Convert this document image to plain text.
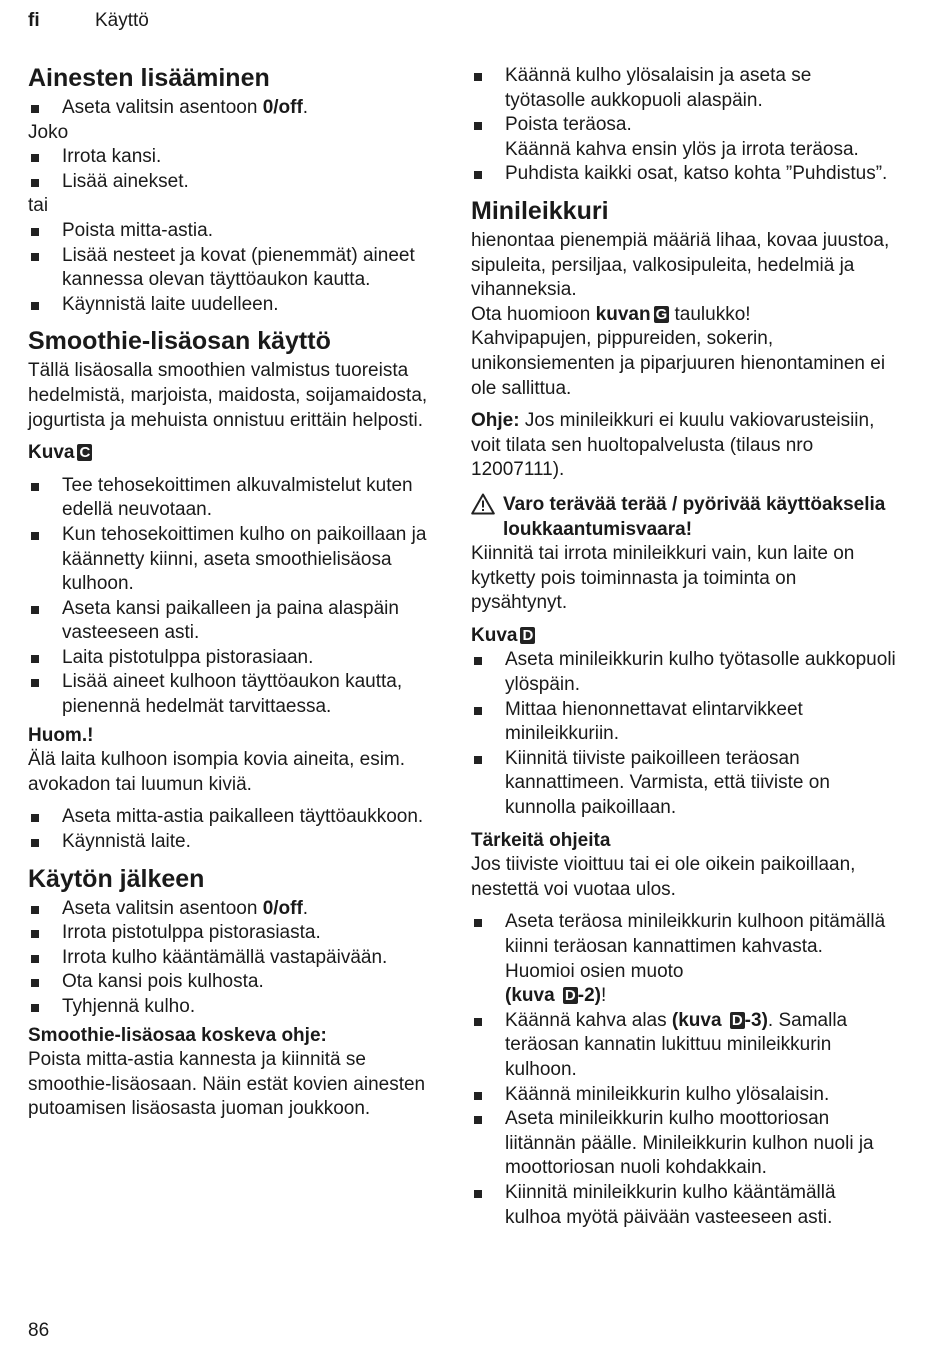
fi	Käyttö
Ainesten lisääminen
Aseta valitsin asentoon 0/off.

Joko

Irrota kansi.
Lisää ainekset.

tai

Poista mitta-astia.
Lisää nesteet ja kovat (pienemmät) aineet kannessa olevan täyttöaukon kautta.
Käynnistä laite uudelleen.
Smoothie-lisäosan käyttö

Tällä lisäosalla smoothien valmistus tuoreista hedelmistä, marjoista, maidosta, soijamaidosta, jogurtista ja mehuista onnistuu erittäin helposti.

Kuva C
Tee tehosekoittimen alkuvalmistelut kuten edellä neuvotaan.
Kun tehosekoittimen kulho on paikoillaan ja käännetty kiinni, aseta smoothielisäosa kulhoon.
Aseta kansi paikalleen ja paina alaspäin vasteeseen asti.
Laita pistotulppa pistorasiaan.
Lisää aineet kulhoon täyttöaukon kautta, pienennä hedelmät tarvittaessa.
Huom.!

Älä laita kulhoon isompia kovia aineita, esim. avokadon tai luumun kiviä.

Aseta mitta-astia paikalleen täyttöaukkoon.
Käynnistä laite.
Käytön jälkeen
Aseta valitsin asentoon 0/off.
Irrota pistotulppa pistorasiasta.
Irrota kulho kääntämällä vastapäivään.
Ota kansi pois kulhosta.
Tyhjennä kulho.
Smoothie-lisäosaa koskeva ohje:

Poista mitta-astia kannesta ja kiinnitä se smoothie-lisäosaan. Näin estät kovien ainesten putoamisen lisäosasta juoman joukkoon.

Käännä kulho ylösalaisin ja aseta se työtasolle aukkopuoli alaspäin.
Poista teräosa.
Käännä kahva ensin ylös ja irrota teräosa.
Puhdista kaikki osat, katso kohta ”Puhdistus”.
Minileikkuri

hienontaa pienempiä määriä lihaa, kovaa juustoa, sipuleita, persiljaa, valkosipuleita, hedelmiä ja vihanneksia.

Ota huomioon kuvan G taulukko!

Kahvipapujen, pippureiden, sokerin, unikonsiementen ja piparjuuren hienontaminen ei ole sallittua.

Ohje: Jos minileikkuri ei kuulu vakiovarusteisiin, voit tilata sen huoltopalvelusta (tilaus nro 12007111).

Varo terävää terää / pyörivää käyttöakselia loukkaantumisvaara!

Kiinnitä tai irrota minileikkuri vain, kun laite on kytketty pois toiminnasta ja toiminta on pysähtynyt.

Kuva D
Aseta minileikkurin kulho työtasolle aukkopuoli ylöspäin.
Mittaa hienonnettavat elintarvikkeet minileikkuriin.
Kiinnitä tiiviste paikoilleen teräosan kannattimeen. Varmista, että tiiviste on kunnolla paikoillaan.
Tärkeitä ohjeita

Jos tiiviste vioittuu tai ei ole oikein paikoillaan, nestettä voi vuotaa ulos.

Aseta teräosa minileikkurin kulhoon pitämällä kiinni teräosan kannattimen kahvasta. Huomioi osien muoto
(kuva D -2)!
Käännä kahva alas (kuva D -3). Samalla teräosan kannatin lukittuu minileikkurin kulhoon.
Käännä minileikkurin kulho ylösalaisin.
Aseta minileikkurin kulho moottoriosan liitännän päälle. Minileikkurin kulhon nuoli ja moottoriosan nuoli kohdakkain.
Kiinnitä minileikkurin kulho kääntämällä kulhoa myötä päivään vasteeseen asti.
86
